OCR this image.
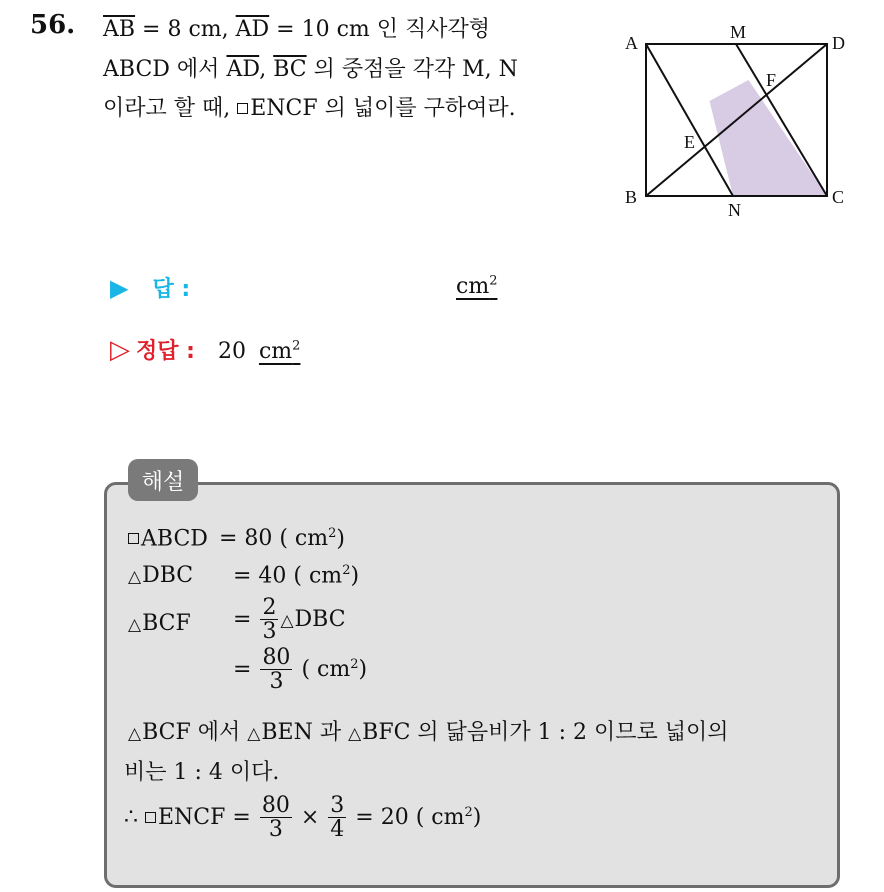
56. $\overline{AB} = 8$ cm, $\overline{AD} = 10$ cm 인 직사각형
ABCD 에서 $\overline{AD}$, $\overline{BC}$ 의 중점을 각각 M, N
이라고 할 때, ENCF 의 넓이를 구하여라.
A
M
D
F
E
B
N
C
▶ 답 :	$cm^2$
▷ 정답 : 20 $cm^2$
해설
ABCD = 80 ( $cm^2$)
△DBC = 40 ( $cm^2$)
△BCF = $\frac{2}{3}$ △DBC
= $\frac{80}{3}$ ( $cm^2$)
△BCF 에서 △BEN 과 △BFC 의 닮음비가 1 : 2 이므로 넓이의
비는 1 : 4 이다.
∴ ENCF = $\frac{80}{3} \times \frac{3}{4} = 20$ ( $cm^2$)
